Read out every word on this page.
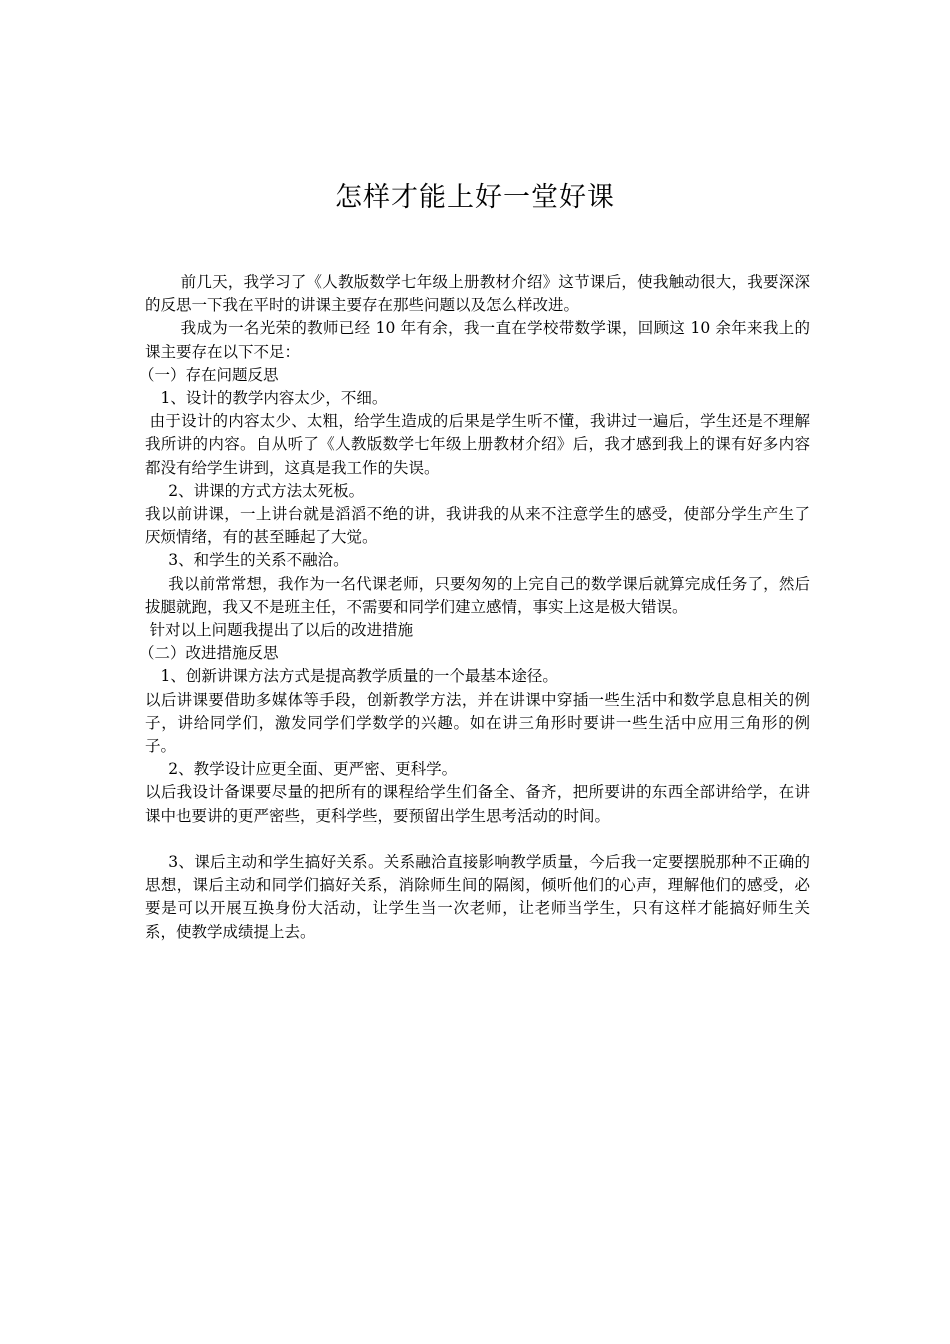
怎样才能上好一堂好课

前几天，我学习了《人教版数学七年级上册教材介绍》这节课后，使我触动很大，我要深深的反思一下我在平时的讲课主要存在那些问题以及怎么样改进。

我成为一名光荣的教师已经 10 年有余，我一直在学校带数学课，回顾这 10 余年来我上的课主要存在以下不足：

（一）存在问题反思

1、设计的教学内容太少，不细。

由于设计的内容太少、太粗，给学生造成的后果是学生听不懂，我讲过一遍后，学生还是不理解我所讲的内容。自从听了《人教版数学七年级上册教材介绍》后，我才感到我上的课有好多内容都没有给学生讲到，这真是我工作的失误。

2、讲课的方式方法太死板。

我以前讲课，一上讲台就是滔滔不绝的讲，我讲我的从来不注意学生的感受，使部分学生产生了厌烦情绪，有的甚至睡起了大觉。

3、和学生的关系不融洽。

我以前常常想，我作为一名代课老师，只要匆匆的上完自己的数学课后就算完成任务了，然后拔腿就跑，我又不是班主任，不需要和同学们建立感情，事实上这是极大错误。

针对以上问题我提出了以后的改进措施

（二）改进措施反思

1、创新讲课方法方式是提高教学质量的一个最基本途径。

以后讲课要借助多媒体等手段，创新教学方法，并在讲课中穿插一些生活中和数学息息相关的例子，讲给同学们，激发同学们学数学的兴趣。如在讲三角形时要讲一些生活中应用三角形的例子。

2、教学设计应更全面、更严密、更科学。

以后我设计备课要尽量的把所有的课程给学生们备全、备齐，把所要讲的东西全部讲给学，在讲课中也要讲的更严密些，更科学些，要预留出学生思考活动的时间。

3、课后主动和学生搞好关系。关系融洽直接影响教学质量，今后我一定要摆脱那种不正确的思想，课后主动和同学们搞好关系，消除师生间的隔阂，倾听他们的心声，理解他们的感受，必要是可以开展互换身份大活动，让学生当一次老师，让老师当学生，只有这样才能搞好师生关系，使教学成绩提上去。
